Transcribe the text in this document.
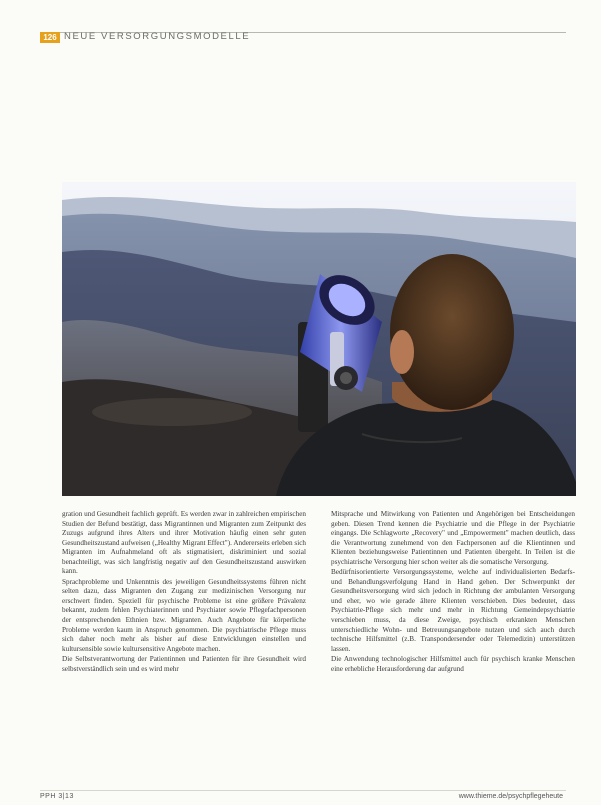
126 NEUE VERSORGUNGSMODELLE

gration und Gesundheit fachlich geprüft. Es werden zwar in zahlreichen empirischen Studien der Befund bestätigt, dass Migrantinnen und Migranten zum Zeitpunkt des Zuzugs aufgrund ihres Alters und ihrer Motivation häufig einen sehr guten Gesundheitszustand aufweisen („Healthy Migrant Effect"). Andererseits erleben sich Migranten im Aufnahmeland oft als stigmatisiert, diskriminiert und sozial benachteiligt, was sich langfristig negativ auf den Gesundheitszustand auswirken kann.

Sprachprobleme und Unkenntnis des jeweiligen Gesundheitssystems führen nicht selten dazu, dass Migranten den Zugang zur medizinischen Versorgung nur erschwert finden. Speziell für psychische Probleme ist eine größere Prävalenz bekannt, zudem fehlen Psychiaterinnen und Psychiater sowie Pflegefachpersonen der entsprechenden Ethnien bzw. Migranten. Auch Angebote für körperliche Probleme werden kaum in Anspruch genommen. Die psychiatrische Pflege muss sich daher noch mehr als bisher auf diese Entwicklungen einstellen und kultursensible sowie kultursensitive Angebote machen.

Die Selbstverantwortung der Patientinnen und Patienten für ihre Gesundheit wird selbstverständlich sein und es wird mehr

Mitsprache und Mitwirkung von Patienten und Angehörigen bei Entscheidungen geben. Diesen Trend kennen die Psychiatrie und die Pflege in der Psychiatrie eingangs. Die Schlagworte „Recovery" und „Empowerment" machen deutlich, dass die Verantwortung zunehmend von den Fachpersonen auf die Klientinnen und Klienten beziehungsweise Patientinnen und Patienten übergeht. In Teilen ist die psychiatrische Versorgung hier schon weiter als die somatische Versorgung.

Bedürfnisorientierte Versorgungssysteme, welche auf individualisierten Bedarfs- und Behandlungsverfolgung Hand in Hand gehen. Der Schwerpunkt der Gesundheitsversorgung wird sich jedoch in Richtung der ambulanten Versorgung und eher, wo wie gerade ältere Klienten verschieben. Dies bedeutet, dass Psychiatrie-Pflege sich mehr und mehr in Richtung Gemeindepsychiatrie verschieben muss, da diese Zweige, psychisch erkrankten Menschen unterschiedliche Wohn- und Betreuungsangebote nutzen und sich auch durch technische Hilfsmittel (z.B. Transpondersender oder Telemedizin) unterstützen lassen.

Die Anwendung technologischer Hilfsmittel auch für psychisch kranke Menschen eine erhebliche Herausforderung dar aufgrund

PPH 3|13	www.thieme.de/psychpflegeheute
